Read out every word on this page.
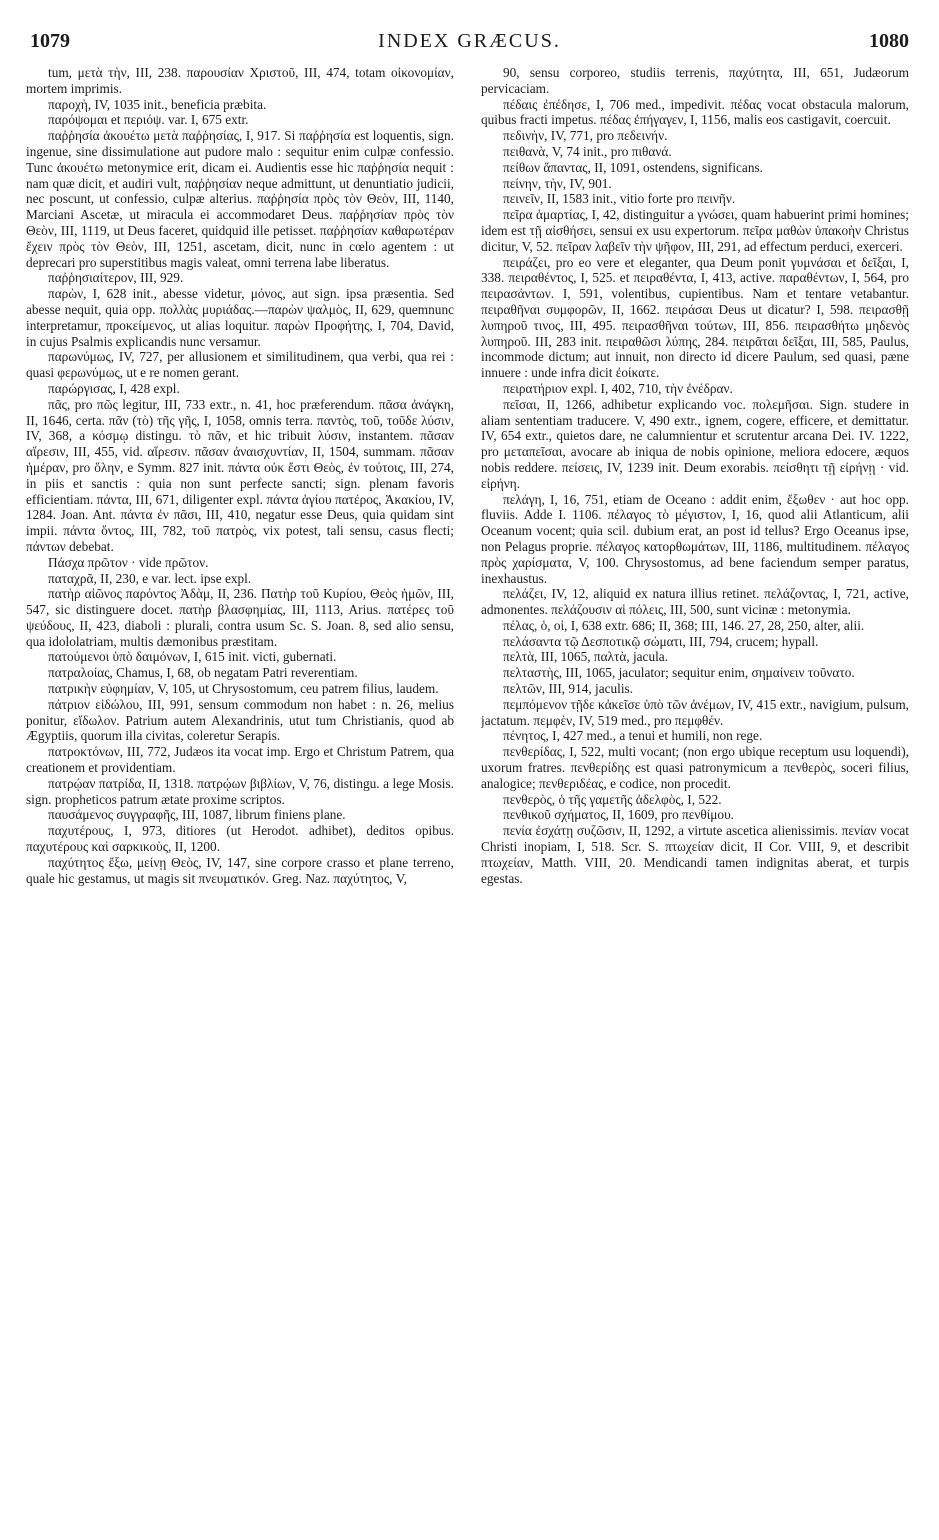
1079	INDEX GRÆCUS.	1080

tum, μετὰ τὴν, III, 238. παρουσίαν Χριστοῦ, III, 474, totam οἰκονομίαν, mortem imprimis.

παροχὴ, IV, 1035 init., beneficia præbita.

παρόψομαι et περιόψ. var. I, 675 extr.

παῤῥησία ἀκουέτω μετὰ παῤῥησίας, I, 917. Si παῤῥησία est loquentis, sign. ingenue, sine dissimulatione aut pudore malo : sequitur enim culpæ confessio. Tunc ἀκουέτω metonymice erit, dicam ei. Audientis esse hic παῤῥησία nequit : nam quæ dicit, et audiri vult, παῤῥησίαν neque admittunt, ut denuntiatio judicii, nec poscunt, ut confessio, culpæ alterius. παῤῥησία πρὸς τὸν Θεὸν, III, 1140, Marciani Ascetæ, ut miracula ei accommodaret Deus. παῤῥησίαν πρὸς τὸν Θεὸν, III, 1119, ut Deus faceret, quidquid ille petisset. παῤῥησίαν καθαρωτέραν ἔχειν πρὸς τὸν Θεὸν, III, 1251, ascetam, dicit, nunc in cœlo agentem : ut deprecari pro superstitibus magis valeat, omni terrena labe liberatus.

παῤῥησιαίτερον, III, 929.

παρὼν, I, 628 init., abesse videtur, μόνος, aut sign. ipsa præsentia. Sed abesse nequit, quia opp. πολλὰς μυριάδας.—παρὼν ψαλμὸς, II, 629, quemnunc interpretamur, προκείμενος, ut alias loquitur. παρὼν Προφήτης, I, 704, David, in cujus Psalmis explicandis nunc versamur.

παρωνύμως, IV, 727, per allusionem et similitudinem, qua verbi, qua rei : quasi φερωνύμως, ut e re nomen gerant.

παρώργισας, I, 428 expl.

πᾶς, pro πῶς legitur, III, 733 extr., n. 41, hoc præferendum. πᾶσα ἀνάγκη, II, 1646, certa. πᾶν (τὸ) τῆς γῆς, I, 1058, omnis terra. παντὸς, τοῦ, τοῦδε λύσιν, IV, 368, a κόσμῳ distingu. τὸ πᾶν, et hic tribuit λύσιν, instantem. πᾶσαν αἵρεσιν, III, 455, vid. αἵρεσιν. πᾶσαν ἀναισχυντίαν, II, 1504, summam. πᾶσαν ἡμέραν, pro ὅλην, e Symm. 827 init. πάντα οὐκ ἔστι Θεὸς, ἐν τούτοις, III, 274, in piis et sanctis : quia non sunt perfecte sancti; sign. plenam favoris efficientiam. πάντα, III, 671, diligenter expl. πάντα ἁγίου πατέρος, Ἀκακίου, IV, 1284. Joan. Ant. πάντα ἐν πᾶσι, III, 410, negatur esse Deus, quia quidam sint impii. πάντα ὄντος, III, 782, τοῦ πατρὸς, vix potest, tali sensu, casus flecti; πάντων debebat.

Πάσχα πρῶτον · vide πρῶτον.

παταχρᾶ, II, 230, e var. lect. ipse expl.

πατὴρ αἰῶνος παρόντος Ἀδὰμ, II, 236. Πατὴρ τοῦ Κυρίου, Θεὸς ἡμῶν, III, 547, sic distinguere docet. πατὴρ βλασφημίας, III, 1113, Arius. πατέρες τοῦ ψεύδους, II, 423, diaboli : plurali, contra usum Sc. S. Joan. 8, sed alio sensu, qua idololatriam, multis dæmonibus præstitam.

πατούμενοι ὑπὸ δαιμόνων, I, 615 init. victi, gubernati.

πατραλοίας, Chamus, I, 68, ob negatam Patri reverentiam.

πατρικὴν εὐφημίαν, V, 105, ut Chrysostomum, ceu patrem filius, laudem.

πάτριον εἰδώλου, III, 991, sensum commodum non habet : n. 26, melius ponitur, εἴδωλον. Patrium autem Alexandrinis, utut tum Christianis, quod ab Ægyptiis, quorum illa civitas, coleretur Serapis.

πατροκτόνων, III, 772, Judæos ita vocat imp. Ergo et Christum Patrem, qua creationem et providentiam.

πατρῴαν πατρίδα, II, 1318. πατρῴων βιβλίων, V, 76, distingu. a lege Mosis. sign. propheticos patrum ætate proxime scriptos.

παυσάμενος συγγραφῆς, III, 1087, librum finiens plane.

παχυτέρους, I, 973, ditiores (ut Herodot. adhibet), deditos opibus. παχυτέρους καὶ σαρκικοὺς, II, 1200.

παχύτητος ἔξω, μείνῃ Θεὸς, IV, 147, sine corpore crasso et plane terreno, quale hic gestamus, ut magis sit πνευματικόν. Greg. Naz. παχύτητος, V,

90, sensu corporeo, studiis terrenis, παχύτητα, III, 651, Judæorum pervicaciam.

πέδαις ἐπέδησε, I, 706 med., impedivit. πέδας vocat obstacula malorum, quibus fracti impetus. πέδας ἐπήγαγεν, I, 1156, malis eos castigavit, coercuit.

πεδινὴν, IV, 771, pro πεδεινήν.

πειθανὰ, V, 74 init., pro πιθανά.

πείθων ἅπαντας, II, 1091, ostendens, significans.

πείνην, τὴν, IV, 901.

πεινεῖν, II, 1583 init., vitio forte pro πεινῆν.

πεῖρα ἁμαρτίας, I, 42, distinguitur a γνώσει, quam habuerint primi homines; idem est τῇ αἰσθήσει, sensui ex usu expertorum. πεῖρα μαθὼν ὑπακοὴν Christus dicitur, V, 52. πεῖραν λαβεῖν τὴν ψῆφον, III, 291, ad effectum perduci, exerceri.

πειράζει, pro eo vere et eleganter, qua Deum ponit γυμνάσαι et δεῖξαι, I, 338. πειραθέντος, I, 525. et πειραθέντα, I, 413, active. παραθέντων, I, 564, pro πειρασάντων. I, 591, volentibus, cupientibus. Nam et tentare vetabantur. πειραθῆναι συμφορῶν, II, 1662. πειράσαι Deus ut dicatur? I, 598. πειρασθῇ λυπηροῦ τινος, III, 495. πειρασθῆναι τούτων, III, 856. πειρασθήτω μηδενὸς λυπηροῦ. III, 283 init. πειραθῶσι λύπης, 284. πειρᾶται δεῖξαι, III, 585, Paulus, incommode dictum; aut innuit, non directo id dicere Paulum, sed quasi, pæne innuere : unde infra dicit ἐοίκατε.

πειρατήριον expl. I, 402, 710, τὴν ἐνέδραν.

πεῖσαι, II, 1266, adhibetur explicando voc. πολεμῆσαι. Sign. studere in aliam sententiam traducere. V, 490 extr., ignem, cogere, efficere, et demittatur. IV, 654 extr., quietos dare, ne calumnientur et scrutentur arcana Dei. IV. 1222, pro μεταπεῖσαι, avocare ab iniqua de nobis opinione, meliora edocere, æquos nobis reddere. πείσεις, IV, 1239 init. Deum exorabis. πείσθητι τῇ εἰρήνῃ · vid. εἰρήνη.

πελάγη, I, 16, 751, etiam de Oceano : addit enim, ἔξωθεν · aut hoc opp. fluviis. Adde I. 1106. πέλαγος τὸ μέγιστον, I, 16, quod alii Atlanticum, alii Oceanum vocent; quia scil. dubium erat, an post id tellus? Ergo Oceanus ipse, non Pelagus proprie. πέλαγος κατορθωμάτων, III, 1186, multitudinem. πέλαγος πρὸς χαρίσματα, V, 100. Chrysostomus, ad bene faciendum semper paratus, inexhaustus.

πελάζει, IV, 12, aliquid ex natura illius retinet. πελάζοντας, I, 721, active, admonentes. πελάζουσιν αἱ πόλεις, III, 500, sunt vicinæ : metonymia.

πέλας, ὁ, οἱ, I, 638 extr. 686; II, 368; III, 146. 27, 28, 250, alter, alii.

πελάσαντα τῷ Δεσποτικῷ σώματι, III, 794, crucem; hypall.

πελτὰ, III, 1065, παλτὰ, jacula.

πελταστὴς, III, 1065, jaculator; sequitur enim, σημαίνειν τοῦνατο.

πελτῶν, III, 914, jaculis.

πεμπόμενον τῇδε κἀκεῖσε ὑπὸ τῶν ἀνέμων, IV, 415 extr., navigium, pulsum, jactatum. πεμφὲν, IV, 519 med., pro πεμφθέν.

πένητος, I, 427 med., a tenui et humili, non rege.

πενθερίδας, I, 522, multi vocant; (non ergo ubique receptum usu loquendi), uxorum fratres. πενθερίδης est quasi patronymicum a πενθερὸς, soceri filius, analogice; πενθεριδέας, e codice, non procedit.

πενθερὸς, ὁ τῆς γαμετῆς ἀδελφὸς, I, 522.

πενθικοῦ σχήματος, II, 1609, pro πενθίμου.

πενία ἐσχάτῃ συζῶσιν, II, 1292, a virtute ascetica alienissimis. πενίαν vocat Christi inopiam, I, 518. Scr. S. πτωχείαν dicit, II Cor. VIII, 9, et describit πτωχείαν, Matth. VIII, 20. Mendicandi tamen indignitas aberat, et turpis egestas.
